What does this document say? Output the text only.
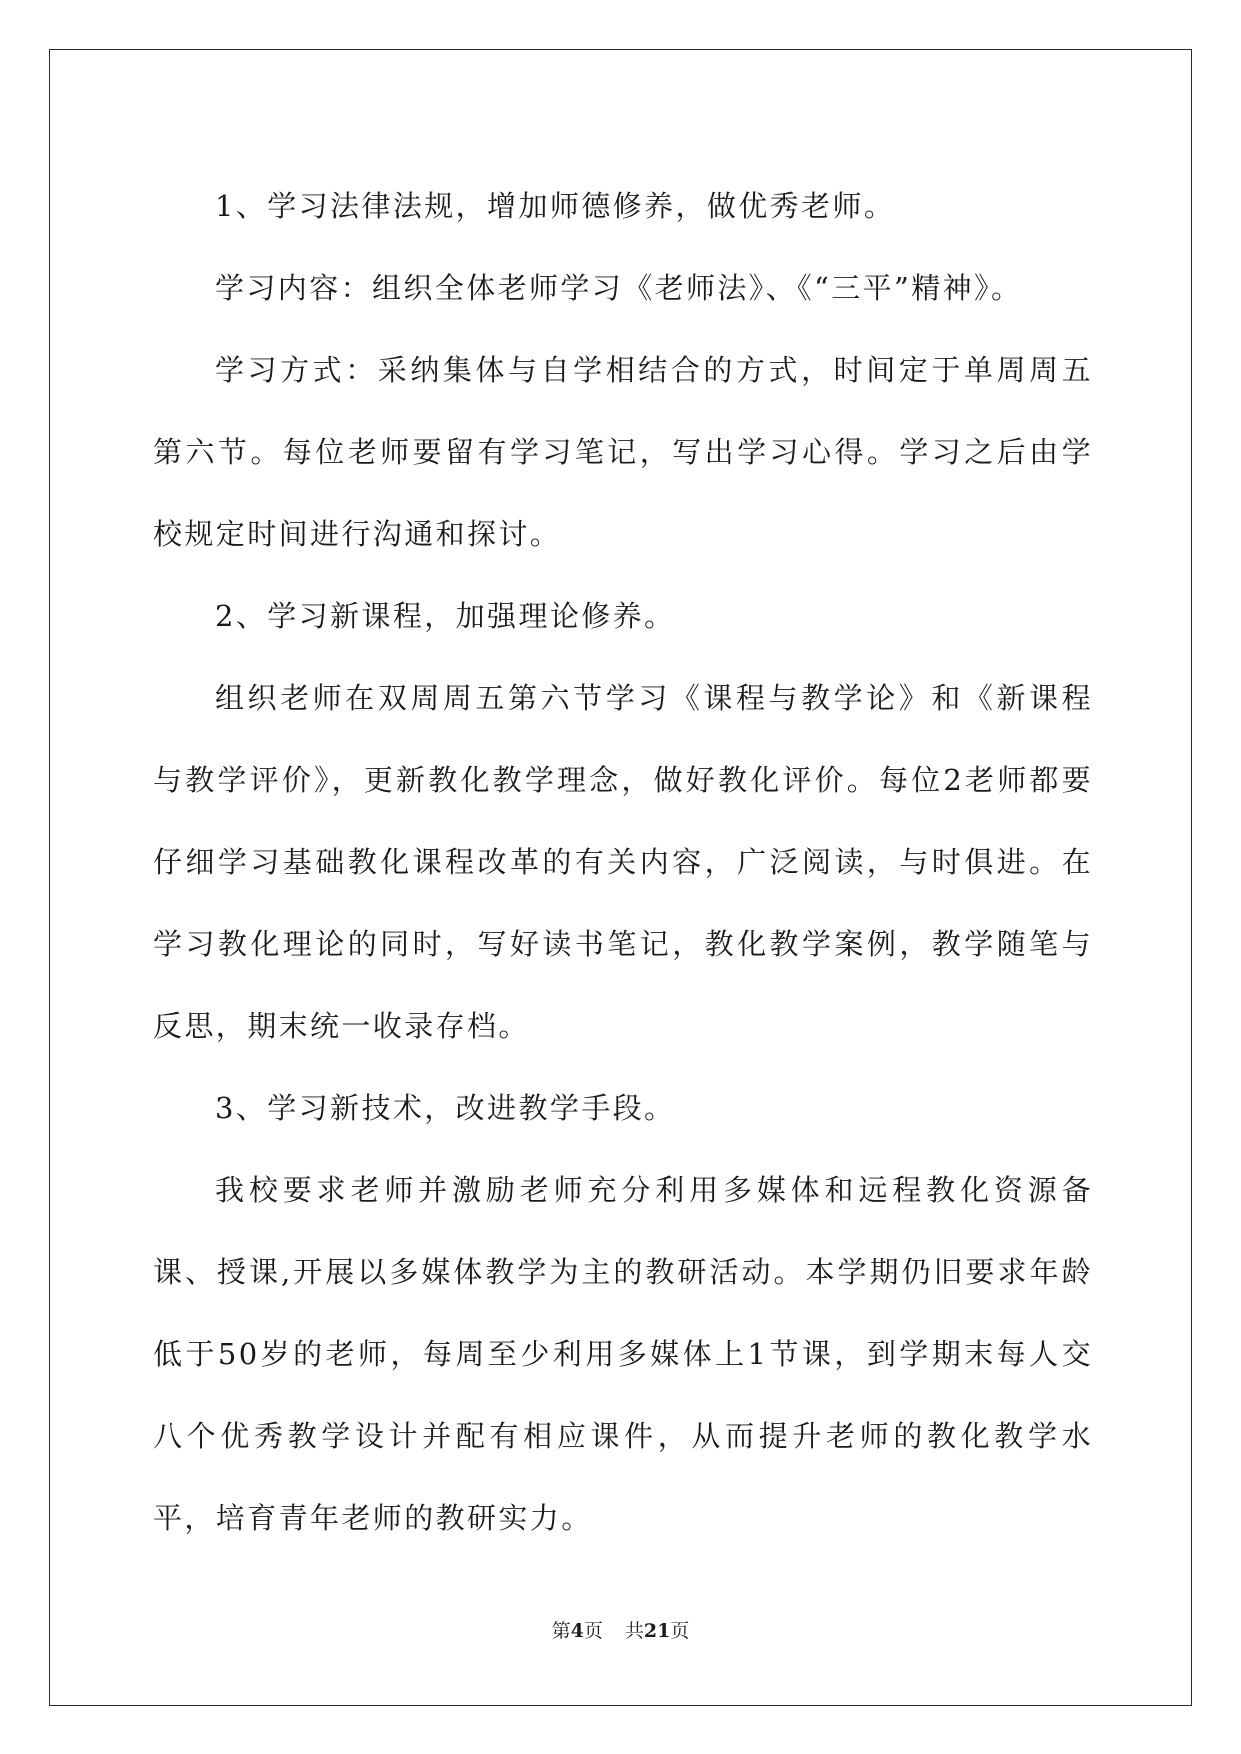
1、学习法律法规，增加师德修养，做优秀老师。

学习内容：组织全体老师学习《老师法》、《“三平”精神》。

学习方式：采纳集体与自学相结合的方式，时间定于单周周五第六节。每位老师要留有学习笔记，写出学习心得。学习之后由学校规定时间进行沟通和探讨。

2、学习新课程，加强理论修养。

组织老师在双周周五第六节学习《课程与教学论》和《新课程与教学评价》，更新教化教学理念，做好教化评价。每位2老师都要仔细学习基础教化课程改革的有关内容，广泛阅读，与时俱进。在学习教化理论的同时，写好读书笔记，教化教学案例，教学随笔与反思，期末统一收录存档。

3、学习新技术，改进教学手段。

我校要求老师并激励老师充分利用多媒体和远程教化资源备课、授课,开展以多媒体教学为主的教研活动。本学期仍旧要求年龄低于50岁的老师，每周至少利用多媒体上1节课，到学期末每人交八个优秀教学设计并配有相应课件，从而提升老师的教化教学水平，培育青年老师的教研实力。

第4页 共21页
